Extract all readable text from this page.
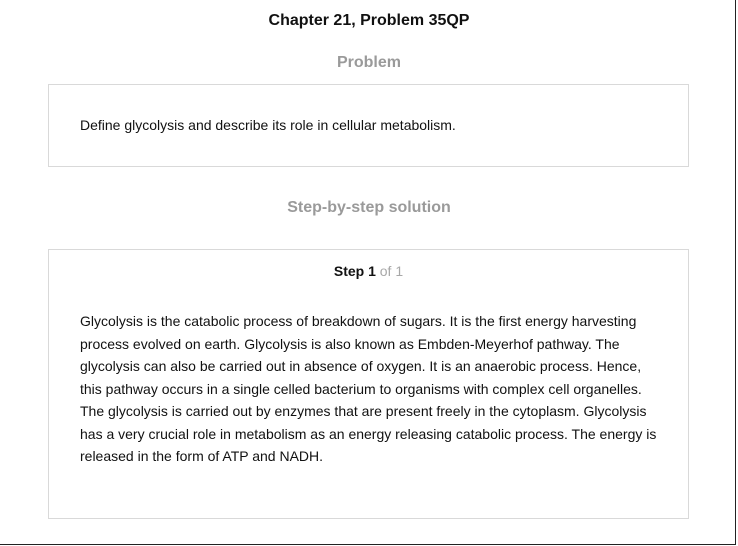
Chapter 21, Problem 35QP
Problem
Define glycolysis and describe its role in cellular metabolism.
Step-by-step solution
Step 1 of 1
Glycolysis is the catabolic process of breakdown of sugars. It is the first energy harvesting process evolved on earth. Glycolysis is also known as Embden-Meyerhof pathway. The glycolysis can also be carried out in absence of oxygen. It is an anaerobic process. Hence, this pathway occurs in a single celled bacterium to organisms with complex cell organelles. The glycolysis is carried out by enzymes that are present freely in the cytoplasm. Glycolysis has a very crucial role in metabolism as an energy releasing catabolic process. The energy is released in the form of ATP and NADH.
